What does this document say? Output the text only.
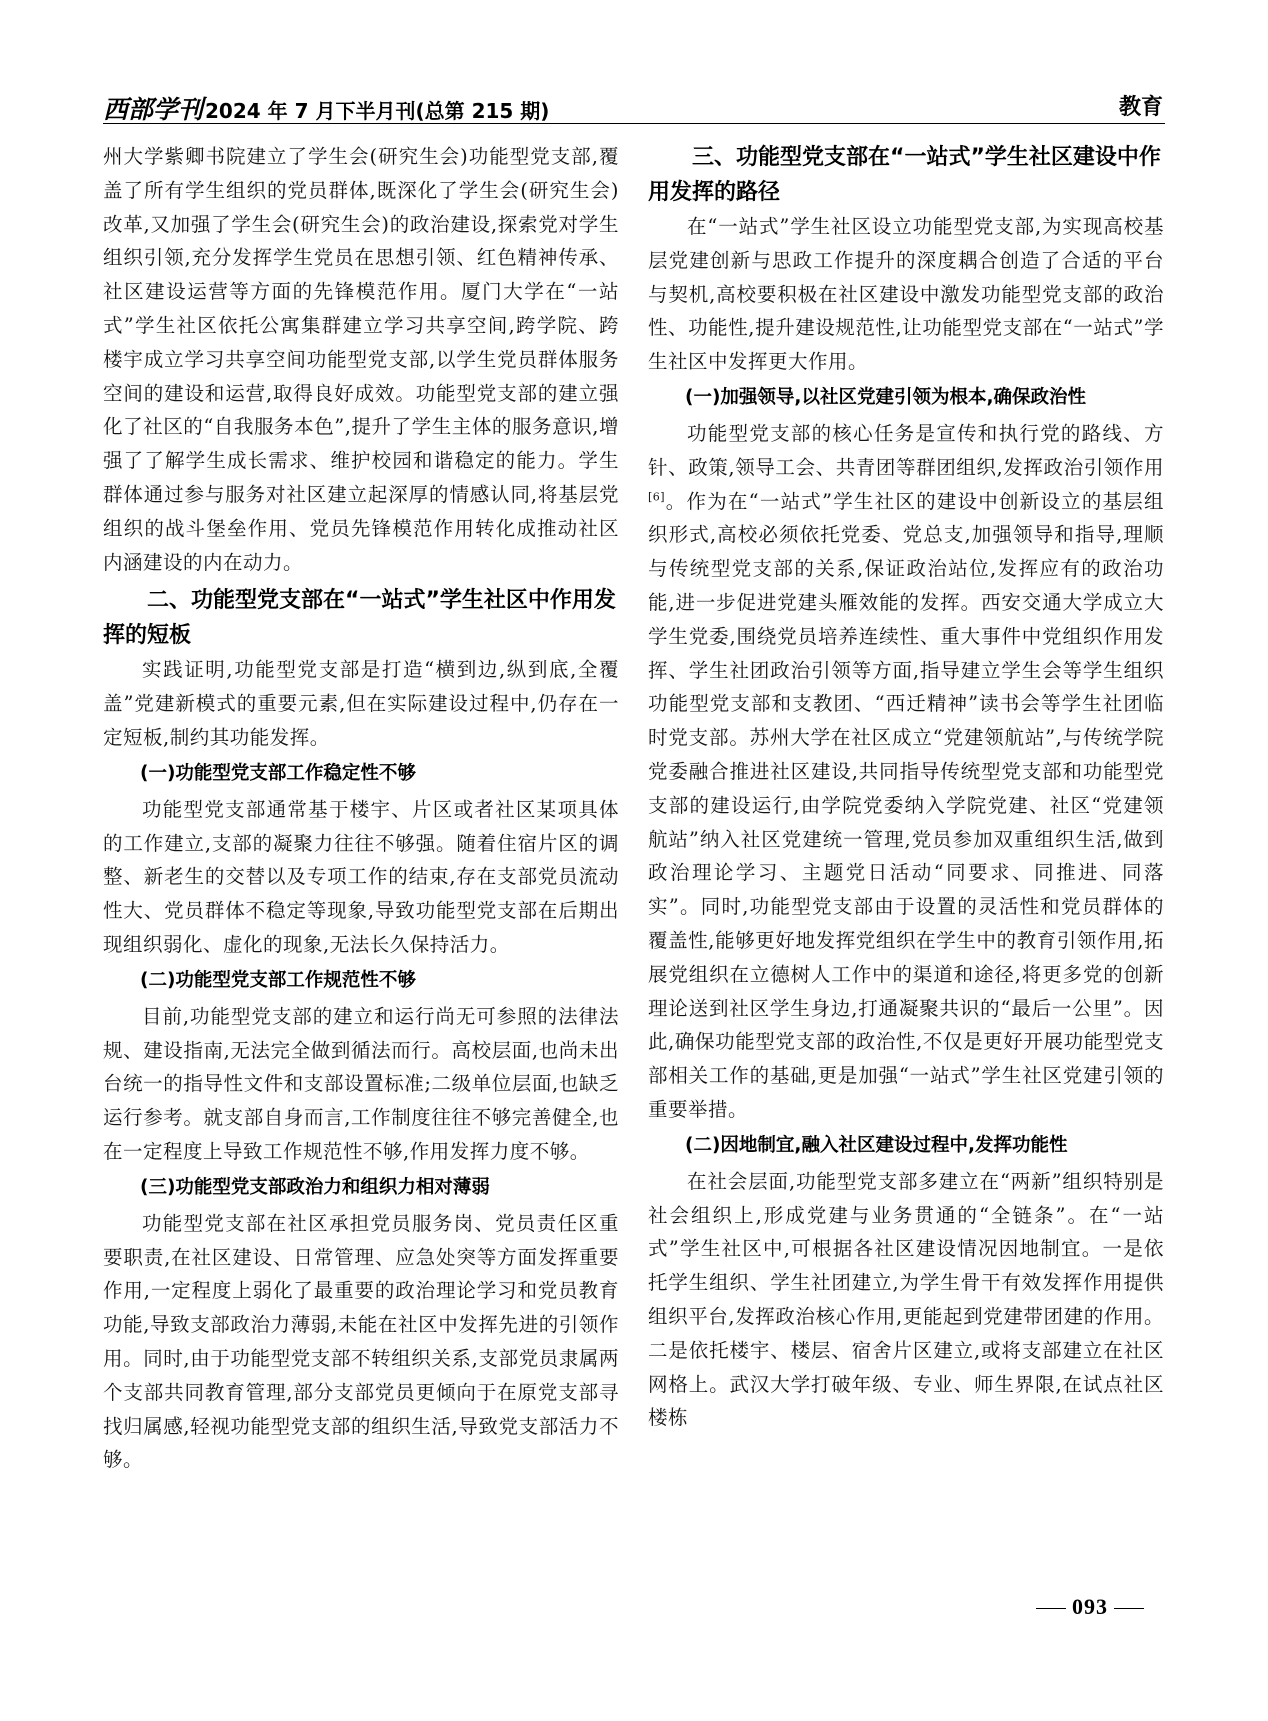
西部学刊 2024 年 7 月下半月刊(总第 215 期)	教育

州大学紫卿书院建立了学生会(研究生会)功能型党支部,覆盖了所有学生组织的党员群体,既深化了学生会(研究生会)改革,又加强了学生会(研究生会)的政治建设,探索党对学生组织引领,充分发挥学生党员在思想引领、红色精神传承、社区建设运营等方面的先锋模范作用。厦门大学在“一站式”学生社区依托公寓集群建立学习共享空间,跨学院、跨楼宇成立学习共享空间功能型党支部,以学生党员群体服务空间的建设和运营,取得良好成效。功能型党支部的建立强化了社区的“自我服务本色”,提升了学生主体的服务意识,增强了了解学生成长需求、维护校园和谐稳定的能力。学生群体通过参与服务对社区建立起深厚的情感认同,将基层党组织的战斗堡垒作用、党员先锋模范作用转化成推动社区内涵建设的内在动力。

二、功能型党支部在“一站式”学生社区中作用发挥的短板

实践证明,功能型党支部是打造“横到边,纵到底,全覆盖”党建新模式的重要元素,但在实际建设过程中,仍存在一定短板,制约其功能发挥。

(一)功能型党支部工作稳定性不够

功能型党支部通常基于楼宇、片区或者社区某项具体的工作建立,支部的凝聚力往往不够强。随着住宿片区的调整、新老生的交替以及专项工作的结束,存在支部党员流动性大、党员群体不稳定等现象,导致功能型党支部在后期出现组织弱化、虚化的现象,无法长久保持活力。

(二)功能型党支部工作规范性不够

目前,功能型党支部的建立和运行尚无可参照的法律法规、建设指南,无法完全做到循法而行。高校层面,也尚未出台统一的指导性文件和支部设置标准;二级单位层面,也缺乏运行参考。就支部自身而言,工作制度往往不够完善健全,也在一定程度上导致工作规范性不够,作用发挥力度不够。

(三)功能型党支部政治力和组织力相对薄弱

功能型党支部在社区承担党员服务岗、党员责任区重要职责,在社区建设、日常管理、应急处突等方面发挥重要作用,一定程度上弱化了最重要的政治理论学习和党员教育功能,导致支部政治力薄弱,未能在社区中发挥先进的引领作用。同时,由于功能型党支部不转组织关系,支部党员隶属两个支部共同教育管理,部分支部党员更倾向于在原党支部寻找归属感,轻视功能型党支部的组织生活,导致党支部活力不够。

三、功能型党支部在“一站式”学生社区建设中作用发挥的路径

在“一站式”学生社区设立功能型党支部,为实现高校基层党建创新与思政工作提升的深度耦合创造了合适的平台与契机,高校要积极在社区建设中激发功能型党支部的政治性、功能性,提升建设规范性,让功能型党支部在“一站式”学生社区中发挥更大作用。

(一)加强领导,以社区党建引领为根本,确保政治性

功能型党支部的核心任务是宣传和执行党的路线、方针、政策,领导工会、共青团等群团组织,发挥政治引领作用[6]。作为在“一站式”学生社区的建设中创新设立的基层组织形式,高校必须依托党委、党总支,加强领导和指导,理顺与传统型党支部的关系,保证政治站位,发挥应有的政治功能,进一步促进党建头雁效能的发挥。西安交通大学成立大学生党委,围绕党员培养连续性、重大事件中党组织作用发挥、学生社团政治引领等方面,指导建立学生会等学生组织功能型党支部和支教团、“西迁精神”读书会等学生社团临时党支部。苏州大学在社区成立“党建领航站”,与传统学院党委融合推进社区建设,共同指导传统型党支部和功能型党支部的建设运行,由学院党委纳入学院党建、社区“党建领航站”纳入社区党建统一管理,党员参加双重组织生活,做到政治理论学习、主题党日活动“同要求、同推进、同落实”。同时,功能型党支部由于设置的灵活性和党员群体的覆盖性,能够更好地发挥党组织在学生中的教育引领作用,拓展党组织在立德树人工作中的渠道和途径,将更多党的创新理论送到社区学生身边,打通凝聚共识的“最后一公里”。因此,确保功能型党支部的政治性,不仅是更好开展功能型党支部相关工作的基础,更是加强“一站式”学生社区党建引领的重要举措。

(二)因地制宜,融入社区建设过程中,发挥功能性

在社会层面,功能型党支部多建立在“两新”组织特别是社会组织上,形成党建与业务贯通的“全链条”。在“一站式”学生社区中,可根据各社区建设情况因地制宜。一是依托学生组织、学生社团建立,为学生骨干有效发挥作用提供组织平台,发挥政治核心作用,更能起到党建带团建的作用。二是依托楼宇、楼层、宿舍片区建立,或将支部建立在社区网格上。武汉大学打破年级、专业、师生界限,在试点社区楼栋

093
